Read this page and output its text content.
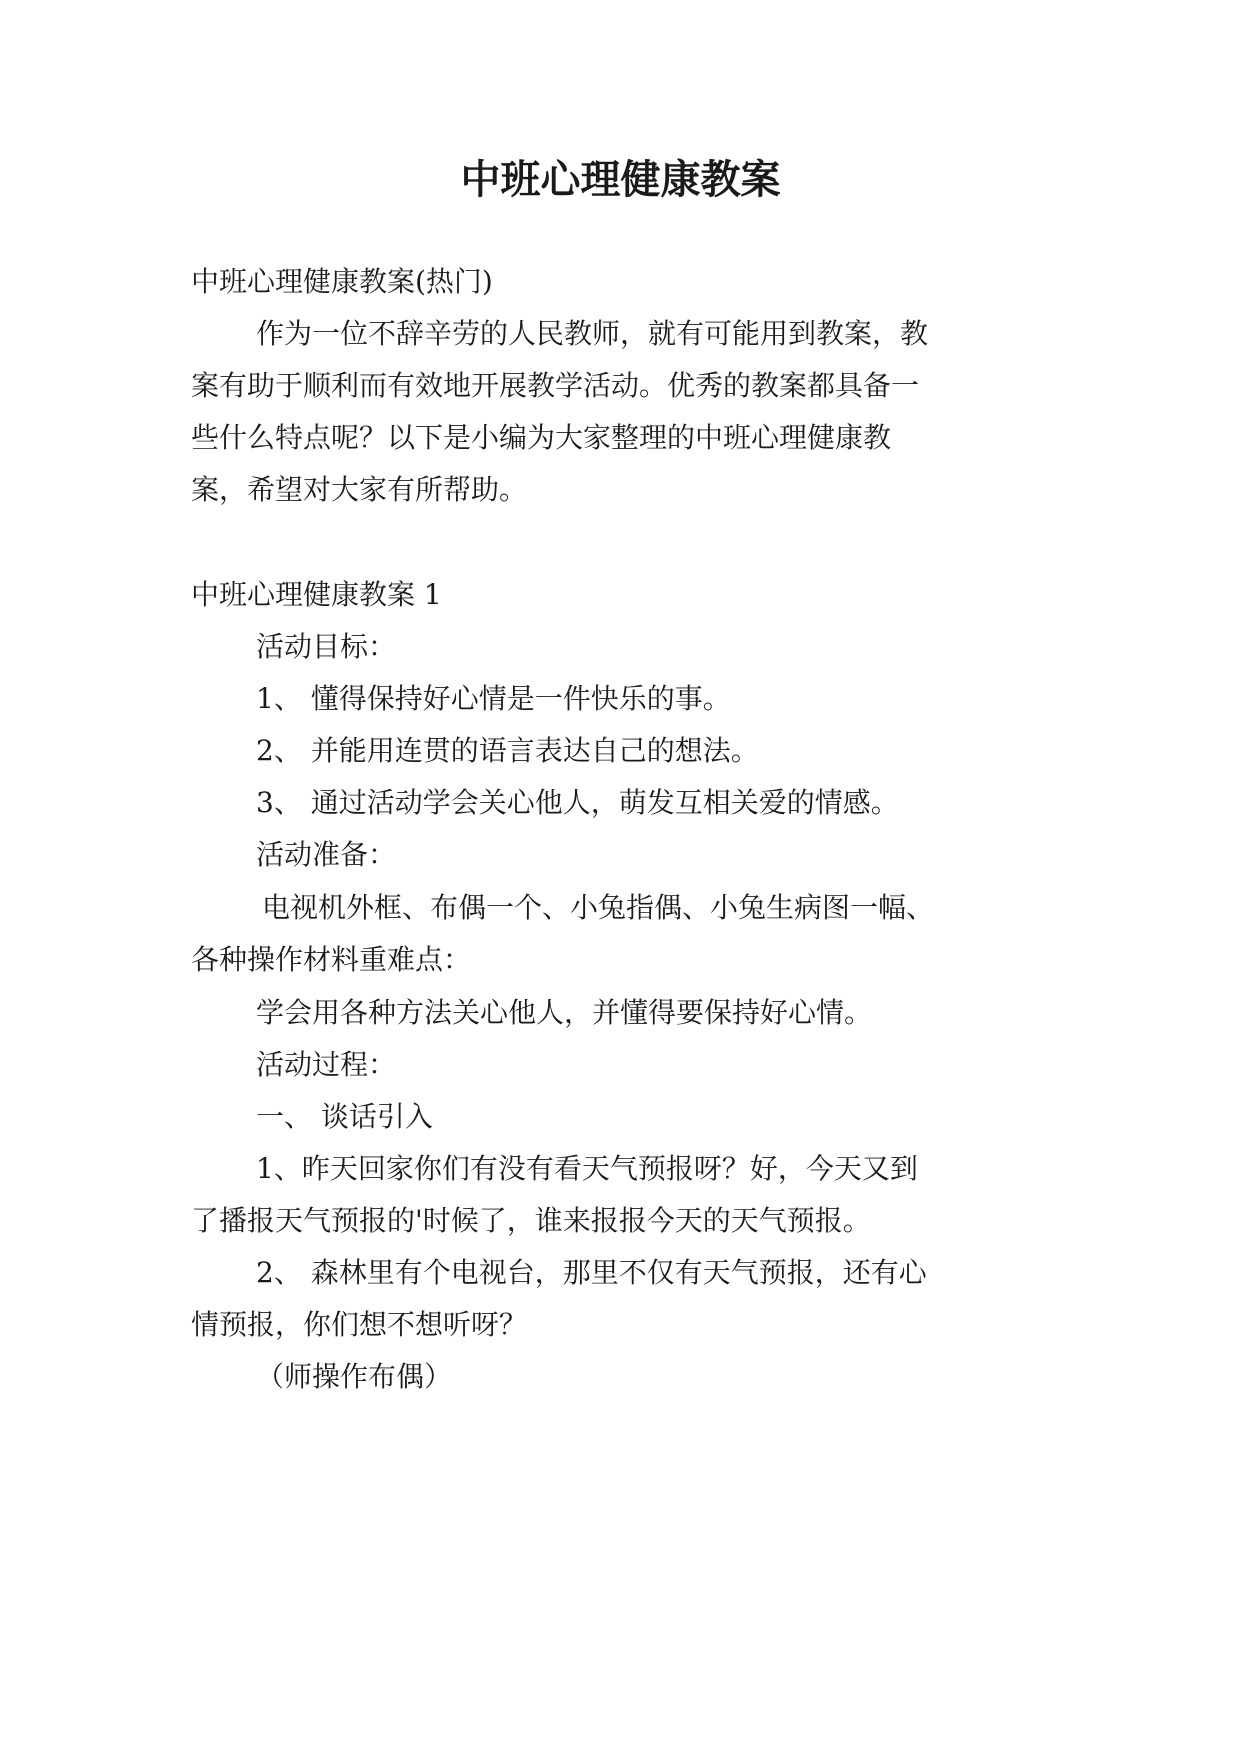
中班心理健康教案

中班心理健康教案(热门)

作为一位不辞辛劳的人民教师，就有可能用到教案，教

案有助于顺利而有效地开展教学活动。优秀的教案都具备一

些什么特点呢？以下是小编为大家整理的中班心理健康教

案，希望对大家有所帮助。

中班心理健康教案 1

活动目标：

1、 懂得保持好心情是一件快乐的事。

2、 并能用连贯的语言表达自己的想法。

3、 通过活动学会关心他人，萌发互相关爱的情感。

活动准备：

电视机外框、布偶一个、小兔指偶、小兔生病图一幅、

各种操作材料重难点：

学会用各种方法关心他人，并懂得要保持好心情。

活动过程：

一、 谈话引入

1、昨天回家你们有没有看天气预报呀？好，今天又到

了播报天气预报的'时候了，谁来报报今天的天气预报。

2、 森林里有个电视台，那里不仅有天气预报，还有心

情预报，你们想不想听呀？

（师操作布偶）
